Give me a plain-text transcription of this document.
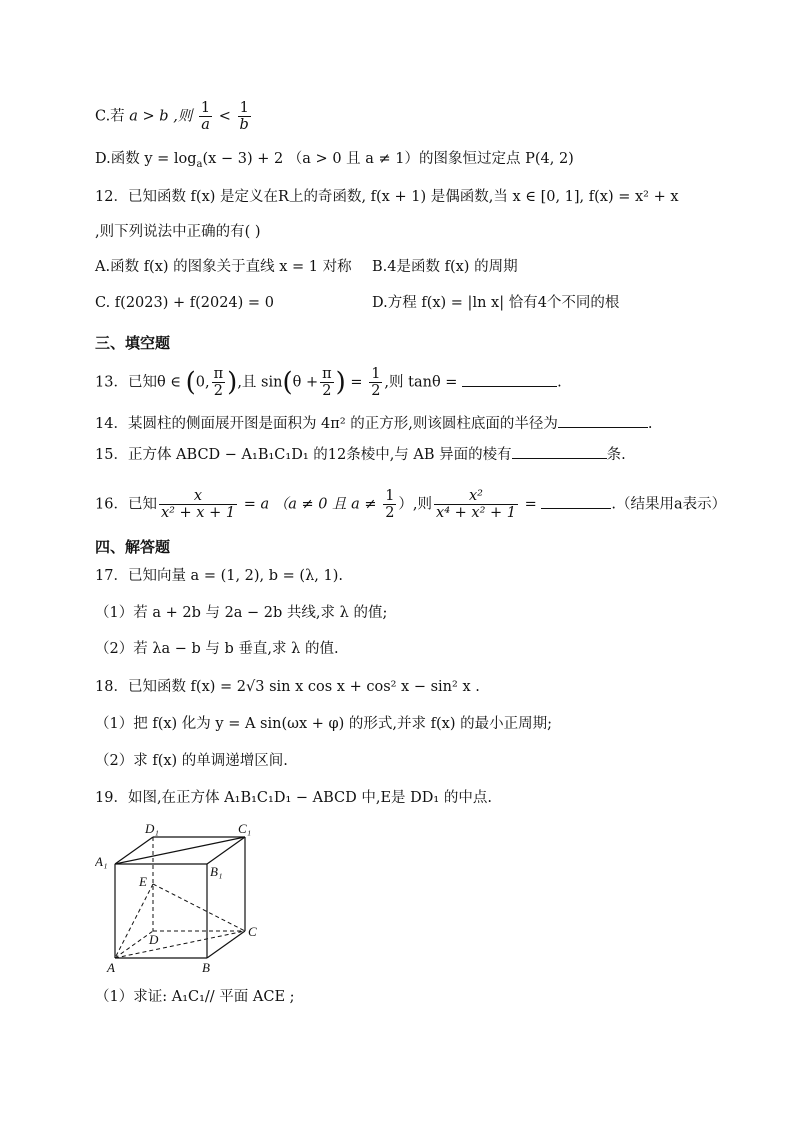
C.若 a > b ,则 $\frac{1}{a} < \frac{1}{b}$
D.函数 $y = \log_a(x - 3) + 2$ （a > 0 且 a ≠ 1）的图象恒过定点 P(4, 2)
12．已知函数 f(x) 是定义在R上的奇函数, f(x + 1) 是偶函数,当 x ∈ [0, 1], f(x) = x² + x
,则下列说法中正确的有( )
A.函数 f(x) 的图象关于直线 x = 1 对称 B.4是函数 f(x) 的周期
C. f(2023) + f(2024) = 0	D.方程 f(x) = |ln x| 恰有4个不同的根
三、填空题
13．已知θ ∈ (0, $\frac{\pi}{2}$ ),且 $\sin(\theta + \frac{\pi}{2}$ ) = $\frac{1}{2}$ ,则 tanθ =	.
14．某圆柱的侧面展开图是面积为 4π² 的正方形,则该圆柱底面的半径为	.
15．正方体 ABCD − A₁B₁C₁D₁ 的12条棱中,与 AB 异面的棱有	条.
16．已知 $\frac{x}{\text{x² + x + 1}} = a$ （a ≠ 0 且 $a \ne \frac{1}{2}$ ）,则 $\frac{\text{x²}}{\text{x⁴ + x² + 1}}$ =	.（结果用a表示）
四、解答题
17．已知向量 a = (1, 2), b = (λ, 1).
（1）若 a + 2b 与 2a − 2b 共线,求 λ 的值;
（2）若 λa − b 与 b 垂直,求 λ 的值.
18．已知函数 f(x) = 2√3 sin x cos x + cos² x − sin² x .
（1）把 f(x) 化为 y = A sin(ωx + φ) 的形式,并求 f(x) 的最小正周期;
（2）求 f(x) 的单调递增区间.
19．如图,在正方体 A₁B₁C₁D₁ − ABCD 中,E是 DD₁ 的中点.
D₁	C₁
A₁
B₁
E
D
C
A	B
（1）求证: A₁C₁// 平面 ACE ;
